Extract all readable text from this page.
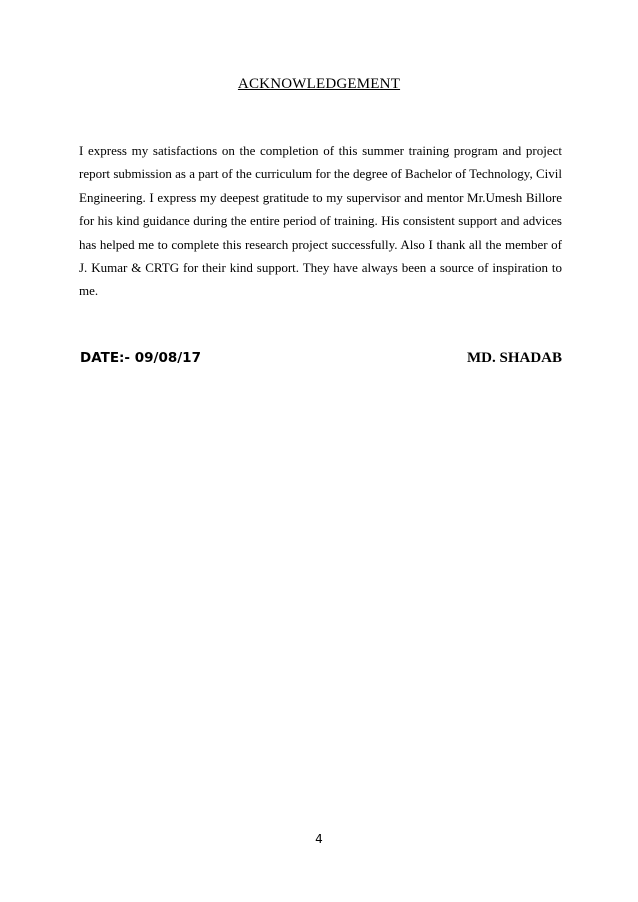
ACKNOWLEDGEMENT

I express my satisfactions on the completion of this summer training program and project report submission as a part of the curriculum for the degree of Bachelor of Technology, Civil Engineering. I express my deepest gratitude to my supervisor and mentor Mr.Umesh Billore for his kind guidance during the entire period of training. His consistent support and advices has helped me to complete this research project successfully. Also I thank all the member of J. Kumar & CRTG for their kind support. They have always been a source of inspiration to me.

DATE:- 09/08/17	MD. SHADAB
4
